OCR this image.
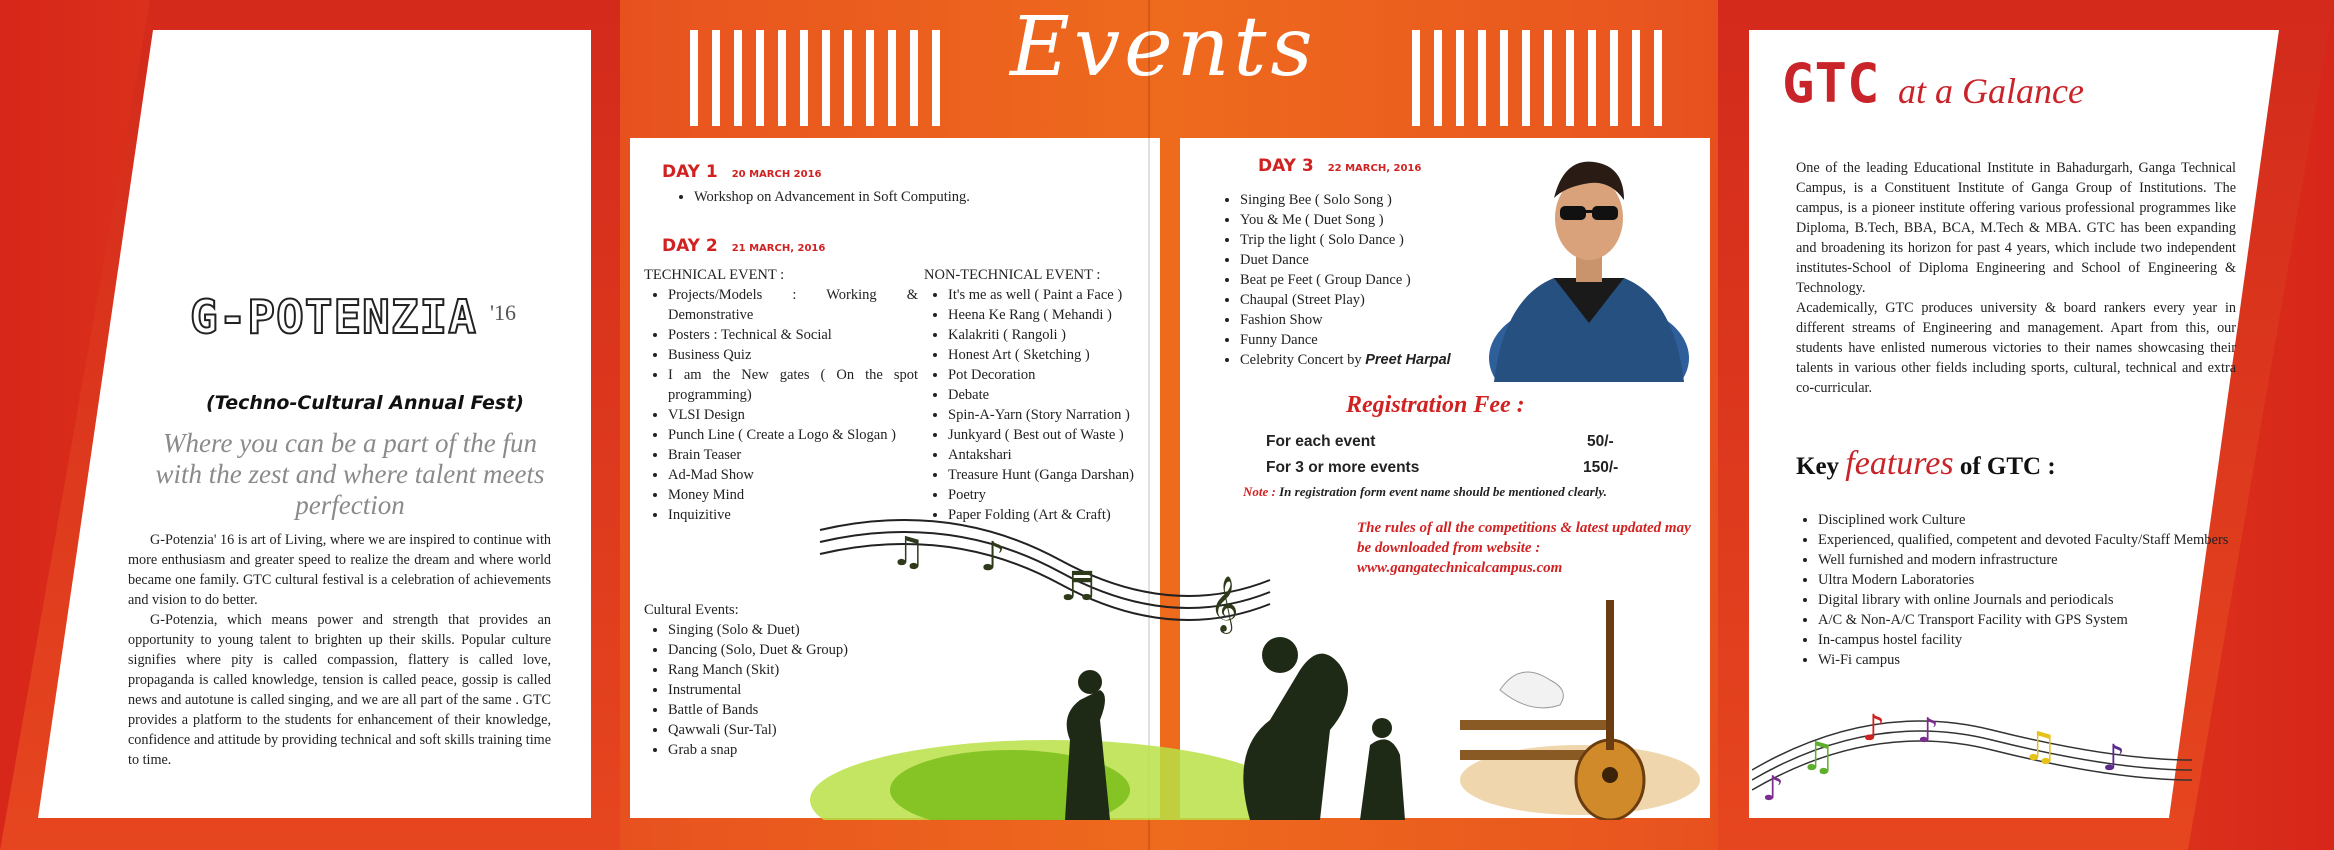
Events
G-POTENZIA '16
(Techno-Cultural Annual Fest)
Where you can be a part of the fun with the zest and where talent meets perfection

G-Potenzia' 16 is art of Living, where we are inspired to continue with more enthusiasm and greater speed to realize the dream and where world became one family. GTC cultural festival is a celebration of achievements and vision to do better.

G-Potenzia, which means power and strength that provides an opportunity to young talent to brighten up their skills. Popular culture signifies where pity is called compassion, flattery is called love, propaganda is called knowledge, tension is called peace, gossip is called news and autotune is called singing, and we are all part of the same . GTC provides a platform to the students for enhancement of their knowledge, confidence and attitude by providing technical and soft skills training time to time.

DAY 1 20 MARCH 2016
• Workshop on Advancement in Soft Computing.
DAY 2 21 MARCH, 2016
TECHNICAL EVENT :
• Projects/Models : Working & Demonstrative
• Posters : Technical & Social
• Business Quiz
• I am the New gates ( On the spot programming)
• VLSI Design
• Punch Line ( Create a Logo & Slogan )
• Brain Teaser
• Ad-Mad Show
• Money Mind
• Inquizitive
NON-TECHNICAL EVENT :
• It's me as well ( Paint a Face )
• Heena Ke Rang ( Mehandi )
• Kalakriti ( Rangoli )
• Honest Art ( Sketching )
• Pot Decoration
• Debate
• Spin-A-Yarn (Story Narration )
• Junkyard ( Best out of Waste )
• Antakshari
• Treasure Hunt (Ganga Darshan)
• Poetry
• Paper Folding (Art & Craft)
Cultural Events:
• Singing (Solo & Duet)
• Dancing (Solo, Duet & Group)
• Rang Manch (Skit)
• Instrumental
• Battle of Bands
• Qawwali (Sur-Tal)
• Grab a snap
DAY 3 22 MARCH, 2016
• Singing Bee ( Solo Song )
• You & Me ( Duet Song )
• Trip the light ( Solo Dance )
• Duet Dance
• Beat pe Feet ( Group Dance )
• Chaupal (Street Play)
• Fashion Show
• Funny Dance
• Celebrity Concert by Preet Harpal
Registration Fee :
For each event	50/-
For 3 or more events	150/-
Note : In registration form event name should be mentioned clearly.
The rules of all the competitions & latest updated may be downloaded from website : www.gangatechnicalcampus.com
♫ ♪
♬ 𝄞
GTC at a Galance

One of the leading Educational Institute in Bahadurgarh, Ganga Technical Campus, is a Constituent Institute of Ganga Group of Institutions. The campus, is a pioneer institute offering various professional programmes like Diploma, B.Tech, BBA, BCA, M.Tech & MBA. GTC has been expanding and broadening its horizon for past 4 years, which include two independent institutes-School of Diploma Engineering and School of Engineering & Technology.

Academically, GTC produces university & board rankers every year in different streams of Engineering and management. Apart from this, our students have enlisted numerous victories to their names showcasing their talents in various other fields including sports, cultural, technical and extra co-curricular.

Key features of GTC :
• Disciplined work Culture
• Experienced, qualified, competent and devoted Faculty/Staff Members
• Well furnished and modern infrastructure
• Ultra Modern Laboratories
• Digital library with online Journals and periodicals
• A/C & Non-A/C Transport Facility with GPS System
• In-campus hostel facility
• Wi-Fi campus
♪
♫
♪ ♪ ♫ ♪
